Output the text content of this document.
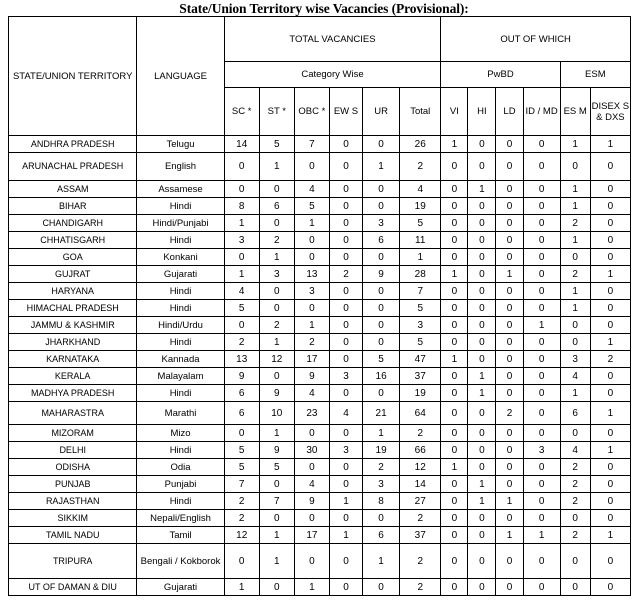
State/Union Territory wise Vacancies (Provisional):
STATE/UNION TERRITORY	LANGUAGE	TOTAL VACANCIES						OUT OF WHICH					

		Category Wise						PwBD				ESM	
		SC *	ST *	OBC *	EW S	UR	Total	VI	HI	LD	ID / MD	ES M	DISEX S & DXS
ANDHRA PRADESH	Telugu	14	5	7	0	0	26	1	0	0	0	1	1
ARUNACHAL PRADESH	English	0	1	0	0	1	2	0	0	0	0	0	0
ASSAM	Assamese	0	0	4	0	0	4	0	1	0	0	1	0
BIHAR	Hindi	8	6	5	0	0	19	0	0	0	0	1	0
CHANDIGARH	Hindi/Punjabi	1	0	1	0	3	5	0	0	0	0	2	0
CHHATISGARH	Hindi	3	2	0	0	6	11	0	0	0	0	1	0
GOA	Konkani	0	1	0	0	0	1	0	0	0	0	0	0
GUJRAT	Gujarati	1	3	13	2	9	28	1	0	1	0	2	1
HARYANA	Hindi	4	0	3	0	0	7	0	0	0	0	1	0
HIMACHAL PRADESH	Hindi	5	0	0	0	0	5	0	0	0	0	1	0
JAMMU & KASHMIR	Hindi/Urdu	0	2	1	0	0	3	0	0	0	1	0	0
JHARKHAND	Hindi	2	1	2	0	0	5	0	0	0	0	0	1
KARNATAKA	Kannada	13	12	17	0	5	47	1	0	0	0	3	2
KERALA	Malayalam	9	0	9	3	16	37	0	1	0	0	4	0
MADHYA PRADESH	Hindi	6	9	4	0	0	19	0	1	0	0	1	0
MAHARASTRA	Marathi	6	10	23	4	21	64	0	0	2	0	6	1
MIZORAM	Mizo	0	1	0	0	1	2	0	0	0	0	0	0
DELHI	Hindi	5	9	30	3	19	66	0	0	0	3	4	1
ODISHA	Odia	5	5	0	0	2	12	1	0	0	0	2	0
PUNJAB	Punjabi	7	0	4	0	3	14	0	1	0	0	2	0
RAJASTHAN	Hindi	2	7	9	1	8	27	0	1	1	0	2	0
SIKKIM	Nepali/English	2	0	0	0	0	2	0	0	0	0	0	0
TAMIL NADU	Tamil	12	1	17	1	6	37	0	0	1	1	2	1
TRIPURA	Bengali / Kokborok	0	1	0	0	1	2	0	0	0	0	0	0
UT OF DAMAN & DIU	Gujarati	1	0	1	0	0	2	0	0	0	0	0	0
